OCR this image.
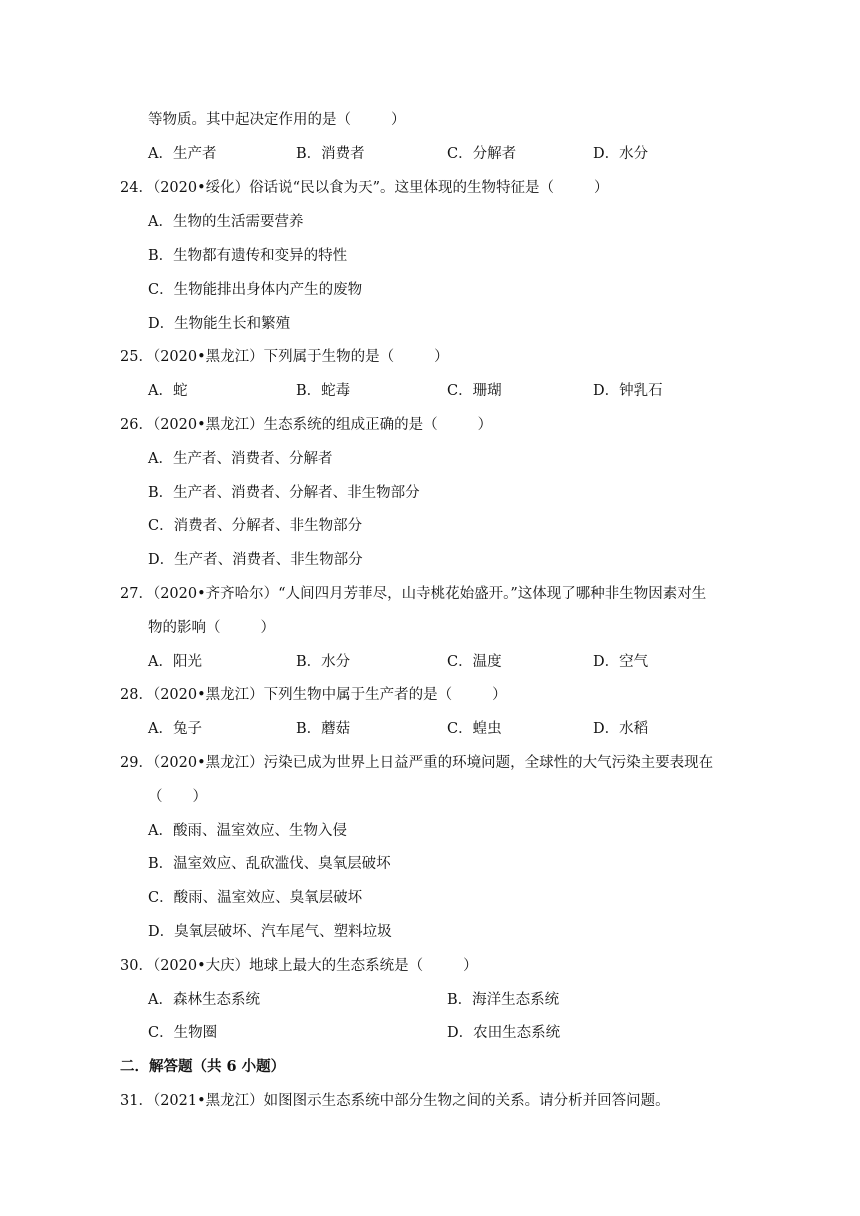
等物质。其中起决定作用的是（	）
A．生产者	B．消费者	C．分解者	D．水分
24．（2020•绥化）俗话说“民以食为天”。这里体现的生物特征是（	）
A．生物的生活需要营养
B．生物都有遗传和变异的特性
C．生物能排出身体内产生的废物
D．生物能生长和繁殖
25．（2020•黑龙江）下列属于生物的是（	）
A．蛇	B．蛇毒	C．珊瑚	D．钟乳石
26．（2020•黑龙江）生态系统的组成正确的是（	）
A．生产者、消费者、分解者
B．生产者、消费者、分解者、非生物部分
C．消费者、分解者、非生物部分
D．生产者、消费者、非生物部分
27．（2020•齐齐哈尔）“人间四月芳菲尽，山寺桃花始盛开。”这体现了哪种非生物因素对生
物的影响（	）
A．阳光	B．水分	C．温度	D．空气
28．（2020•黑龙江）下列生物中属于生产者的是（	）
A．兔子	B．蘑菇	C．蝗虫	D．水稻
29．（2020•黑龙江）污染已成为世界上日益严重的环境问题，全球性的大气污染主要表现在
（ ）
A．酸雨、温室效应、生物入侵
B．温室效应、乱砍滥伐、臭氧层破坏
C．酸雨、温室效应、臭氧层破坏
D．臭氧层破坏、汽车尾气、塑料垃圾
30．（2020•大庆）地球上最大的生态系统是（	）
A．森林生态系统	B．海洋生态系统
C．生物圈	D．农田生态系统
二．解答题（共 6 小题）
31．（2021•黑龙江）如图图示生态系统中部分生物之间的关系。请分析并回答问题。
